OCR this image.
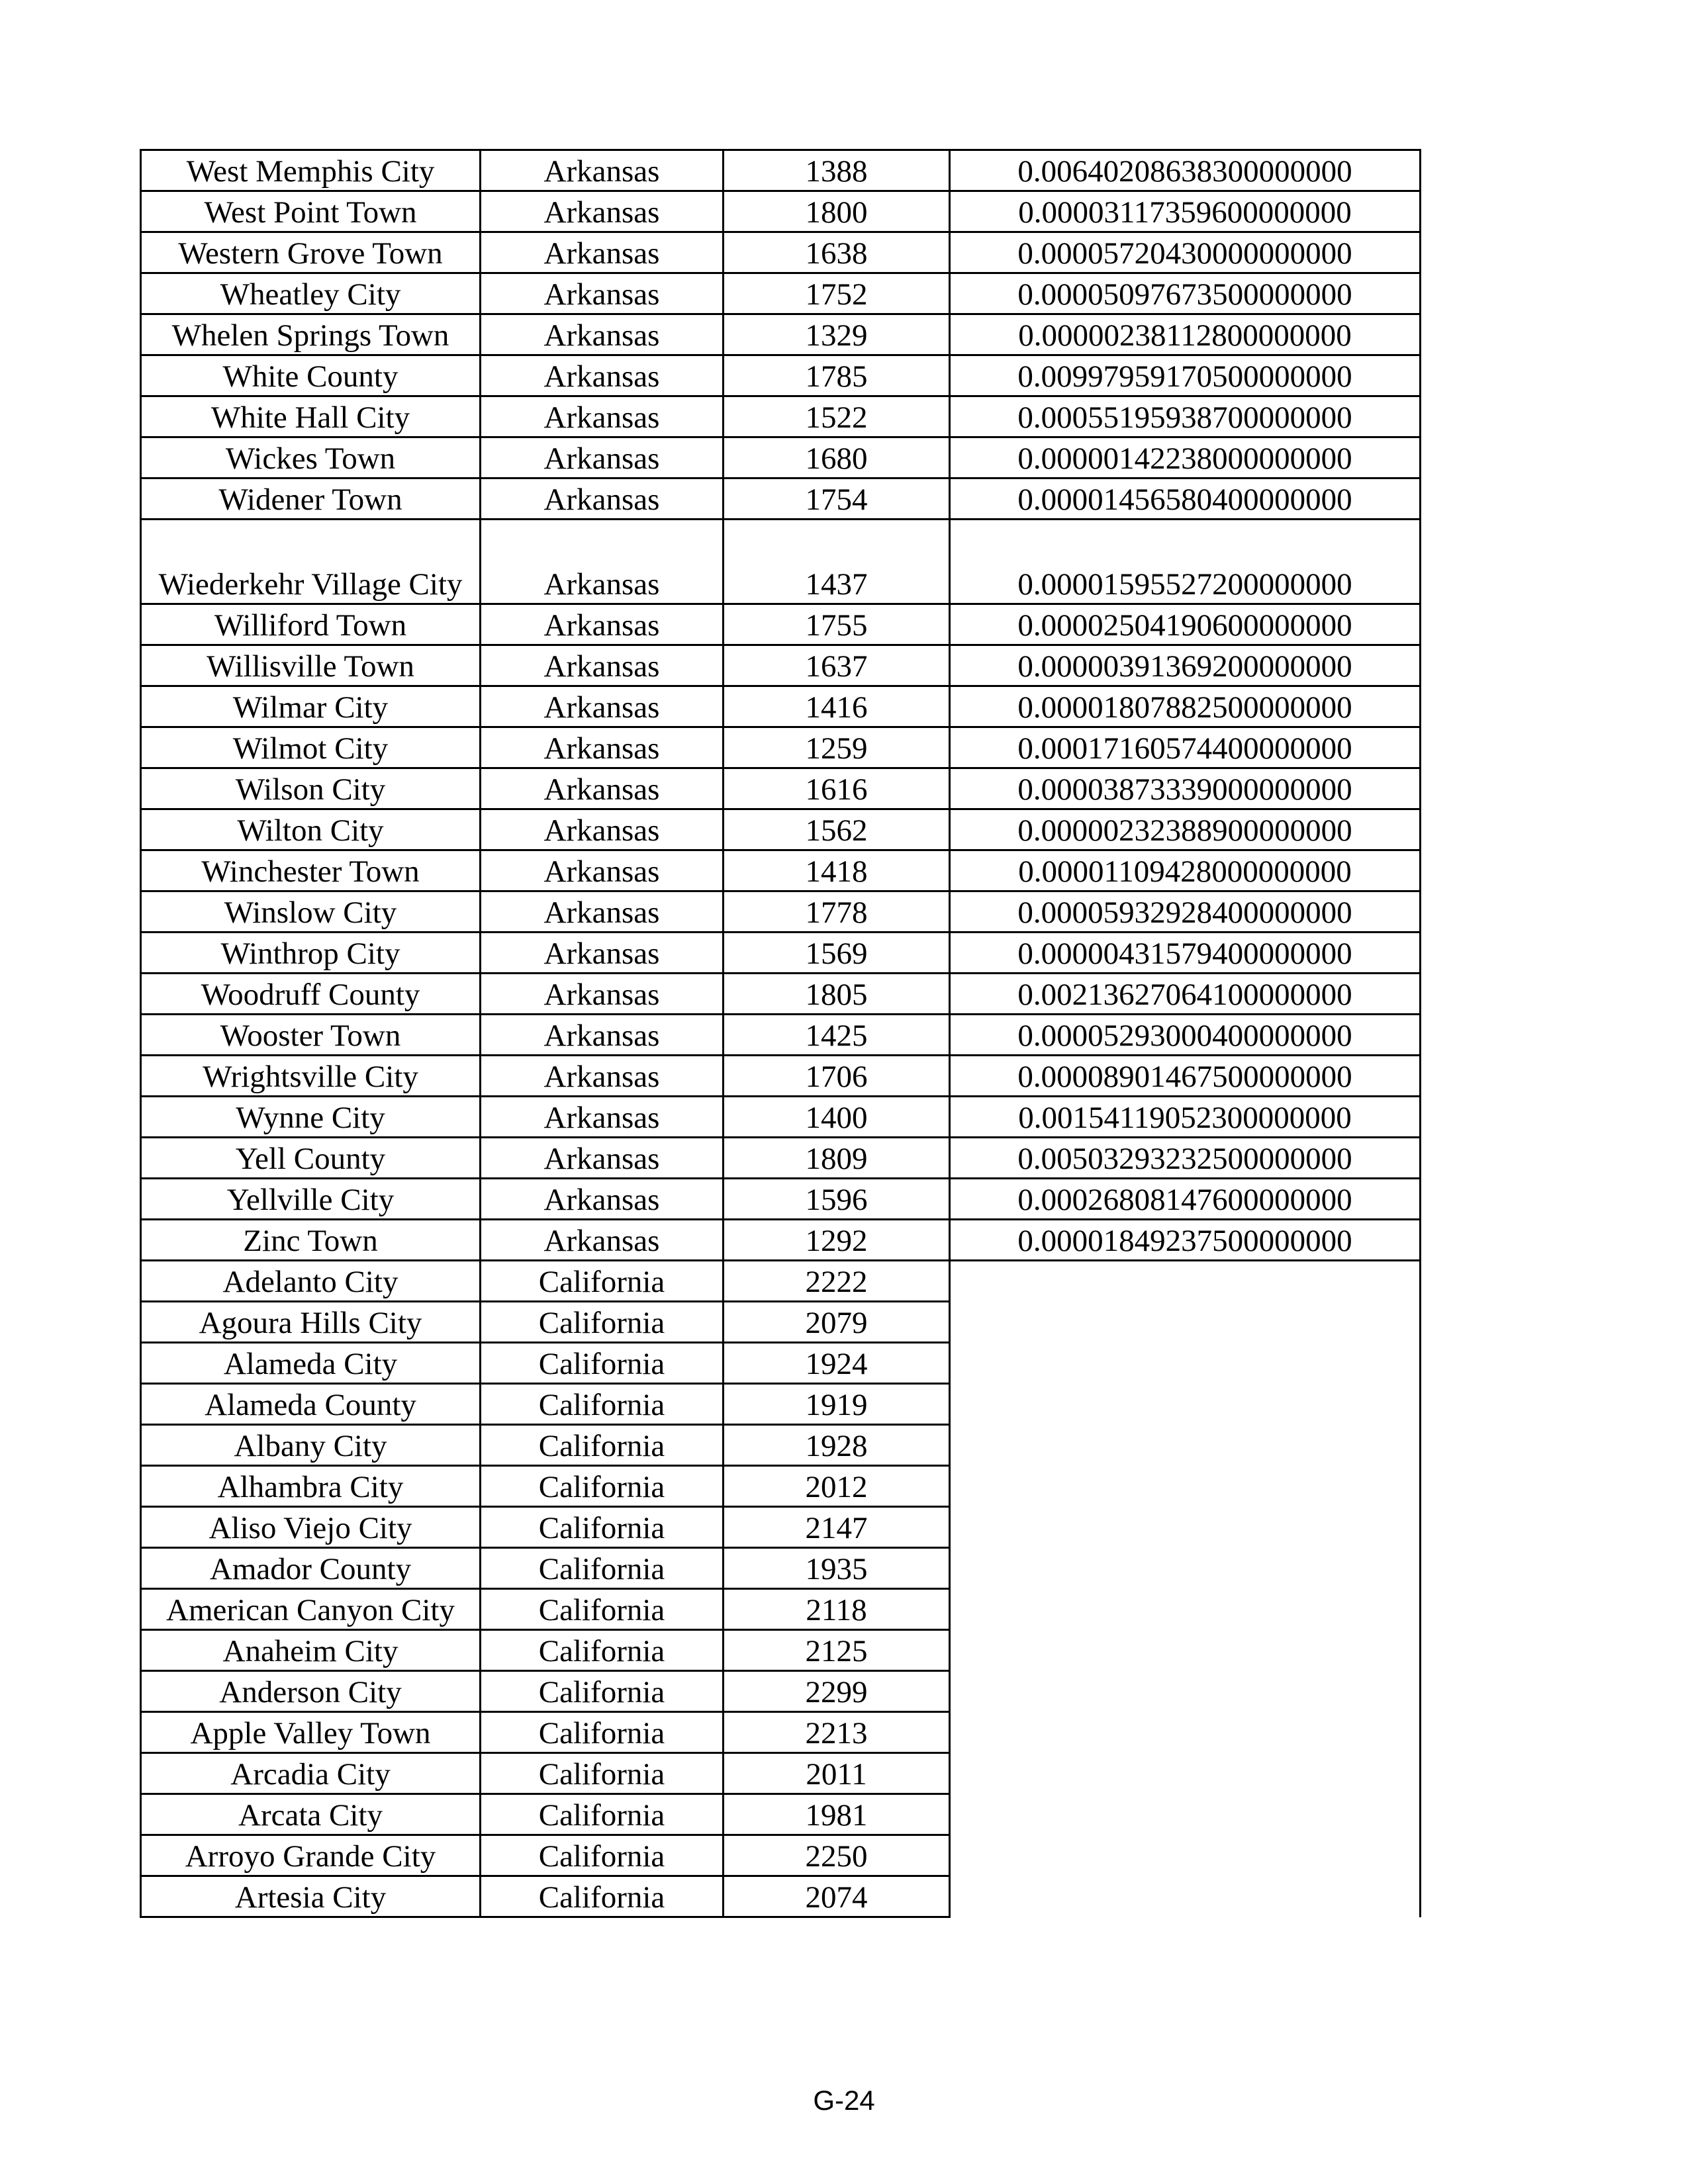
West Memphis City	Arkansas	1388	0.00640208638300000000
West Point Town	Arkansas	1800	0.00003117359600000000
Western Grove Town	Arkansas	1638	0.00005720430000000000
Wheatley City	Arkansas	1752	0.00005097673500000000
Whelen Springs Town	Arkansas	1329	0.00000238112800000000
White County	Arkansas	1785	0.00997959170500000000
White Hall City	Arkansas	1522	0.00055195938700000000
Wickes Town	Arkansas	1680	0.00000142238000000000
Widener Town	Arkansas	1754	0.00001456580400000000
Wiederkehr Village City	Arkansas	1437	0.00001595527200000000
Williford Town	Arkansas	1755	0.00002504190600000000
Willisville Town	Arkansas	1637	0.00000391369200000000
Wilmar City	Arkansas	1416	0.00001807882500000000
Wilmot City	Arkansas	1259	0.00017160574400000000
Wilson City	Arkansas	1616	0.00003873339000000000
Wilton City	Arkansas	1562	0.00000232388900000000
Winchester Town	Arkansas	1418	0.00001109428000000000
Winslow City	Arkansas	1778	0.00005932928400000000
Winthrop City	Arkansas	1569	0.00000431579400000000
Woodruff County	Arkansas	1805	0.00213627064100000000
Wooster Town	Arkansas	1425	0.00005293000400000000
Wrightsville City	Arkansas	1706	0.00008901467500000000
Wynne City	Arkansas	1400	0.00154119052300000000
Yell County	Arkansas	1809	0.00503293232500000000
Yellville City	Arkansas	1596	0.00026808147600000000
Zinc Town	Arkansas	1292	0.00001849237500000000
Adelanto City	California	2222	
Agoura Hills City	California	2079	
Alameda City	California	1924	
Alameda County	California	1919	
Albany City	California	1928	
Alhambra City	California	2012	
Aliso Viejo City	California	2147	
Amador County	California	1935	
American Canyon City	California	2118	
Anaheim City	California	2125	
Anderson City	California	2299	
Apple Valley Town	California	2213	
Arcadia City	California	2011	
Arcata City	California	1981	
Arroyo Grande City	California	2250	
Artesia City	California	2074	
G-24
